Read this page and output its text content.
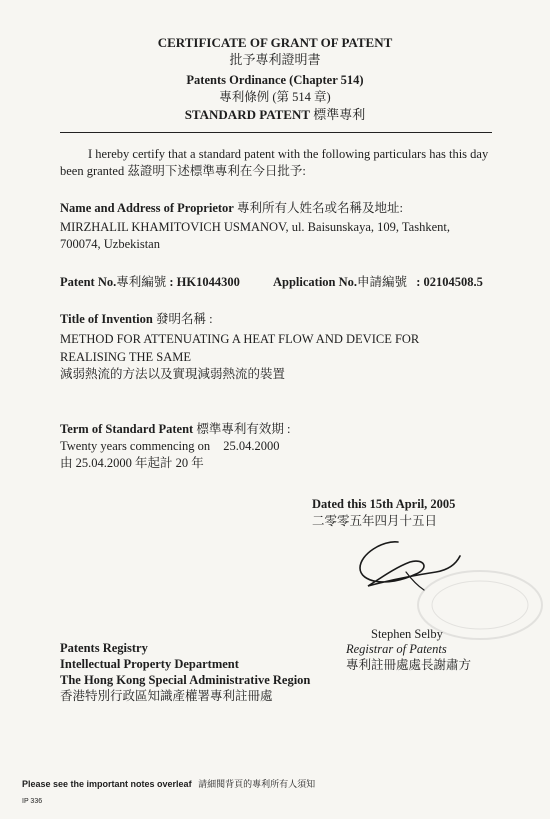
CERTIFICATE OF GRANT OF PATENT
批予專利證明書
Patents Ordinance (Chapter 514)
專利條例 (第 514 章)
STANDARD PATENT 標準專利
I hereby certify that a standard patent with the following particulars has this day
been granted 茲證明下述標準專利在今日批予:
Name and Address of Proprietor 專利所有人姓名或名稱及地址:
MIRZHALIL KHAMITOVICH USMANOV, ul. Baisunskaya, 109, Tashkent,
700074, Uzbekistan
Patent No.專利編號 : HK1044300	Application No.申請編號 : 02104508.5
Title of Invention 發明名稱 :
METHOD FOR ATTENUATING A HEAT FLOW AND DEVICE FOR
REALISING THE SAME
減弱熱流的方法以及實現減弱熱流的裝置
Term of Standard Patent 標準專利有效期 :
Twenty years commencing on 25.04.2000
由 25.04.2000 年起計 20 年
Dated this 15th April, 2005
二零零五年四月十五日
Stephen Selby
Registrar of Patents
專利註冊處處長謝肅方
Patents Registry
Intellectual Property Department
The Hong Kong Special Administrative Region
香港特別行政區知識產權署專利註冊處
Please see the important notes overleaf 請細閱背頁的專利所有人須知
IP 336
